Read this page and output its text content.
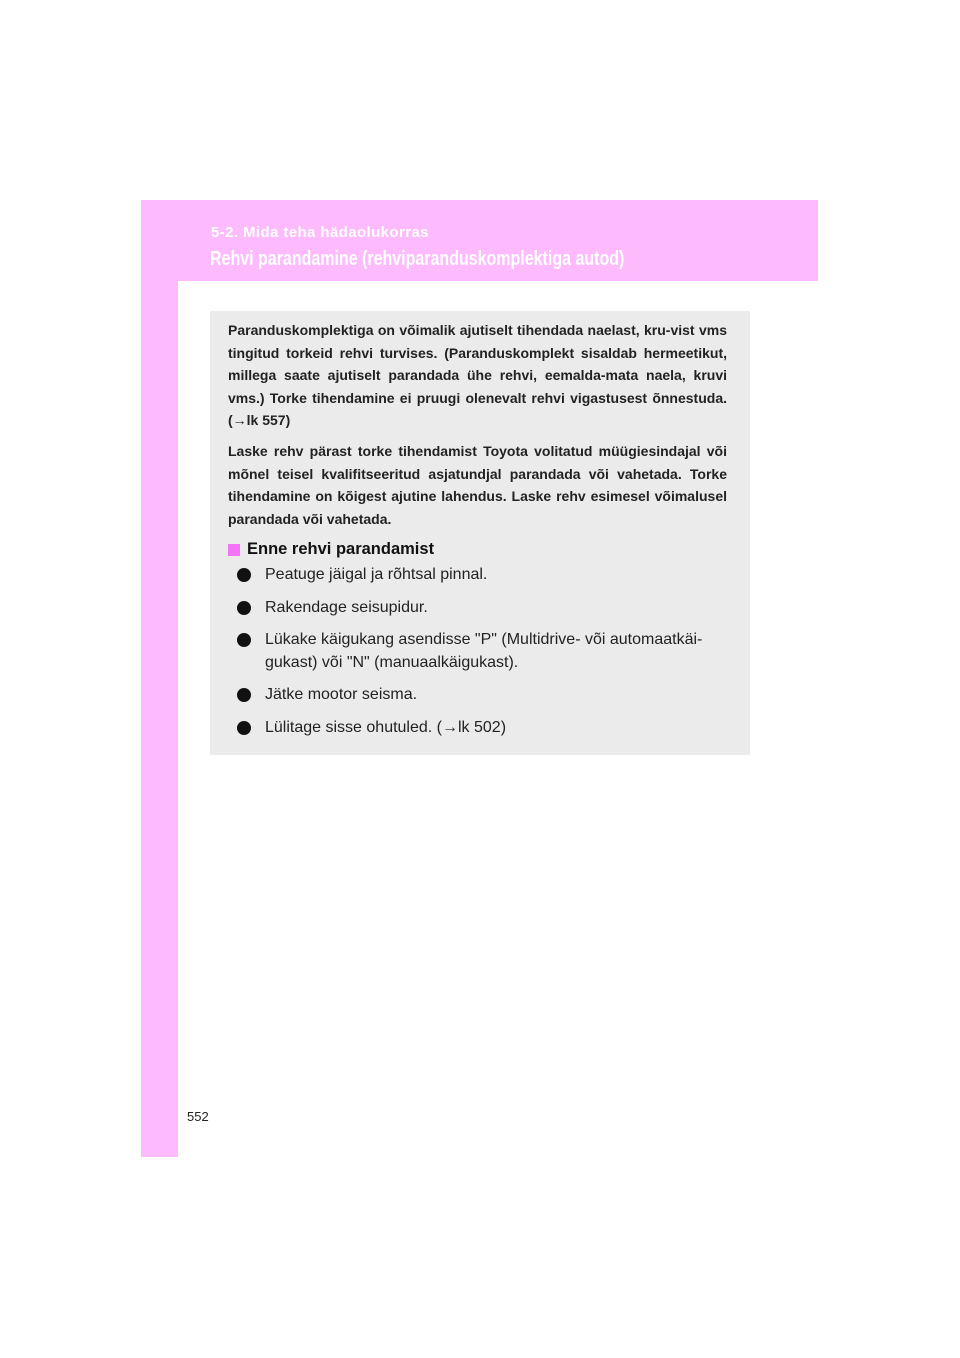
5-2. Mida teha hädaolukorras
Rehvi parandamine (rehviparanduskomplektiga autod)

Paranduskomplektiga on võimalik ajutiselt tihendada naelast, kru-vist vms tingitud torkeid rehvi turvises. (Paranduskomplekt sisaldab hermeetikut, millega saate ajutiselt parandada ühe rehvi, eemalda-mata naela, kruvi vms.) Torke tihendamine ei pruugi olenevalt rehvi vigastusest õnnestuda. (→lk 557)

Laske rehv pärast torke tihendamist Toyota volitatud müügiesindajal või mõnel teisel kvalifitseeritud asjatundjal parandada või vahetada. Torke tihendamine on kõigest ajutine lahendus. Laske rehv esimesel võimalusel parandada või vahetada.

Enne rehvi parandamist
Peatuge jäigal ja rõhtsal pinnal.
Rakendage seisupidur.
Lükake käigukang asendisse "P" (Multidrive- või automaatkäi-gukast) või "N" (manuaalkäigukast).
Jätke mootor seisma.
Lülitage sisse ohutuled. (→lk 502)
552
